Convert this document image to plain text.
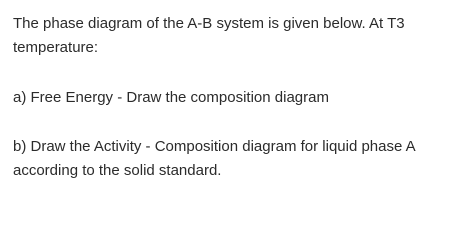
The phase diagram of the A-B system is given below. At T3
temperature:

a) Free Energy - Draw the composition diagram

b) Draw the Activity - Composition diagram for liquid phase A
according to the solid standard.
